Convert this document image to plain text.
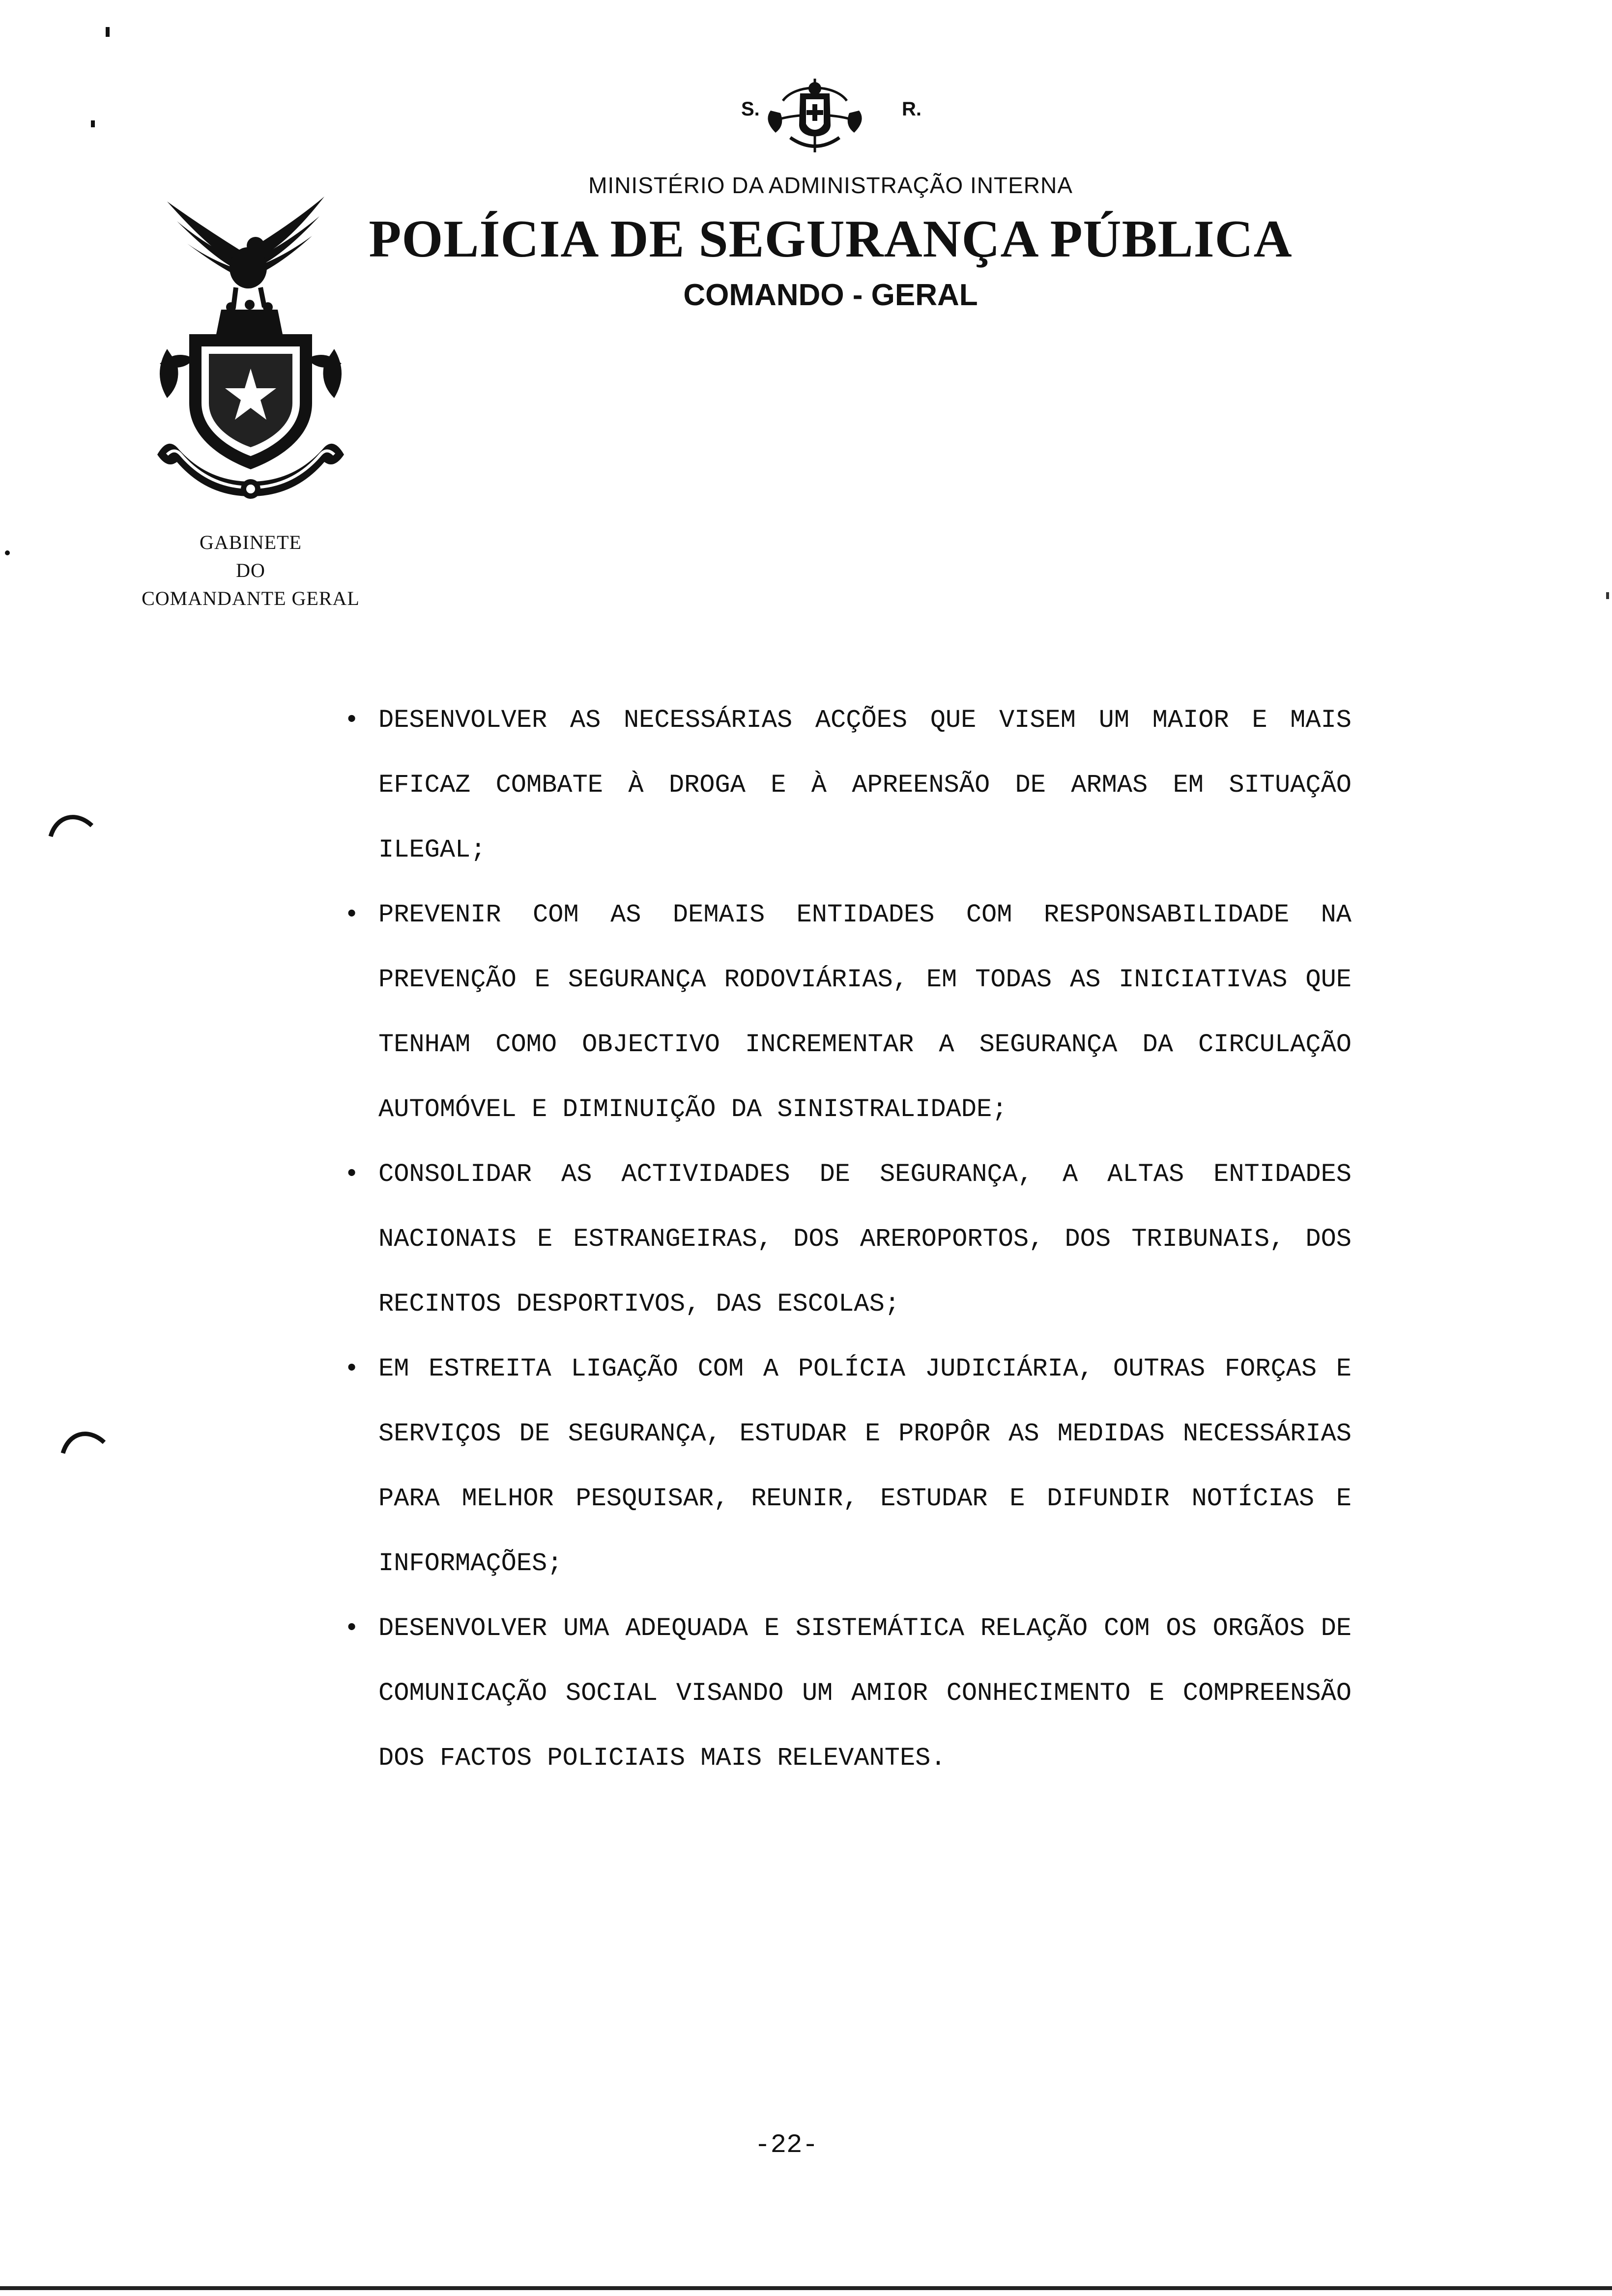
S.	R.
MINISTÉRIO DA ADMINISTRAÇÃO INTERNA
POLÍCIA DE SEGURANÇA PÚBLICA
COMANDO - GERAL
GABINETE
DO
COMANDANTE GERAL
• DESENVOLVER AS NECESSÁRIAS ACÇÕES QUE VISEM UM MAIOR E MAIS EFICAZ COMBATE À DROGA E À APREENSÃO DE ARMAS EM SITUAÇÃO ILEGAL;
• PREVENIR COM AS DEMAIS ENTIDADES COM RESPONSABILIDADE NA PREVENÇÃO E SEGURANÇA RODOVIÁRIAS, EM TODAS AS INICIATIVAS QUE TENHAM COMO OBJECTIVO INCREMENTAR A SEGURANÇA DA CIRCULAÇÃO AUTOMÓVEL E DIMINUIÇÃO DA SINISTRALIDADE;
• CONSOLIDAR AS ACTIVIDADES DE SEGURANÇA, A ALTAS ENTIDADES NACIONAIS E ESTRANGEIRAS, DOS AREROPORTOS, DOS TRIBUNAIS, DOS RECINTOS DESPORTIVOS, DAS ESCOLAS;
• EM ESTREITA LIGAÇÃO COM A POLÍCIA JUDICIÁRIA, OUTRAS FORÇAS E SERVIÇOS DE SEGURANÇA, ESTUDAR E PROPÔR AS MEDIDAS NECESSÁRIAS PARA MELHOR PESQUISAR, REUNIR, ESTUDAR E DIFUNDIR NOTÍCIAS E INFORMAÇÕES;
• DESENVOLVER UMA ADEQUADA E SISTEMÁTICA RELAÇÃO COM OS ORGÃOS DE COMUNICAÇÃO SOCIAL VISANDO UM AMIOR CONHECIMENTO E COMPREENSÃO DOS FACTOS POLICIAIS MAIS RELEVANTES.
-22-
